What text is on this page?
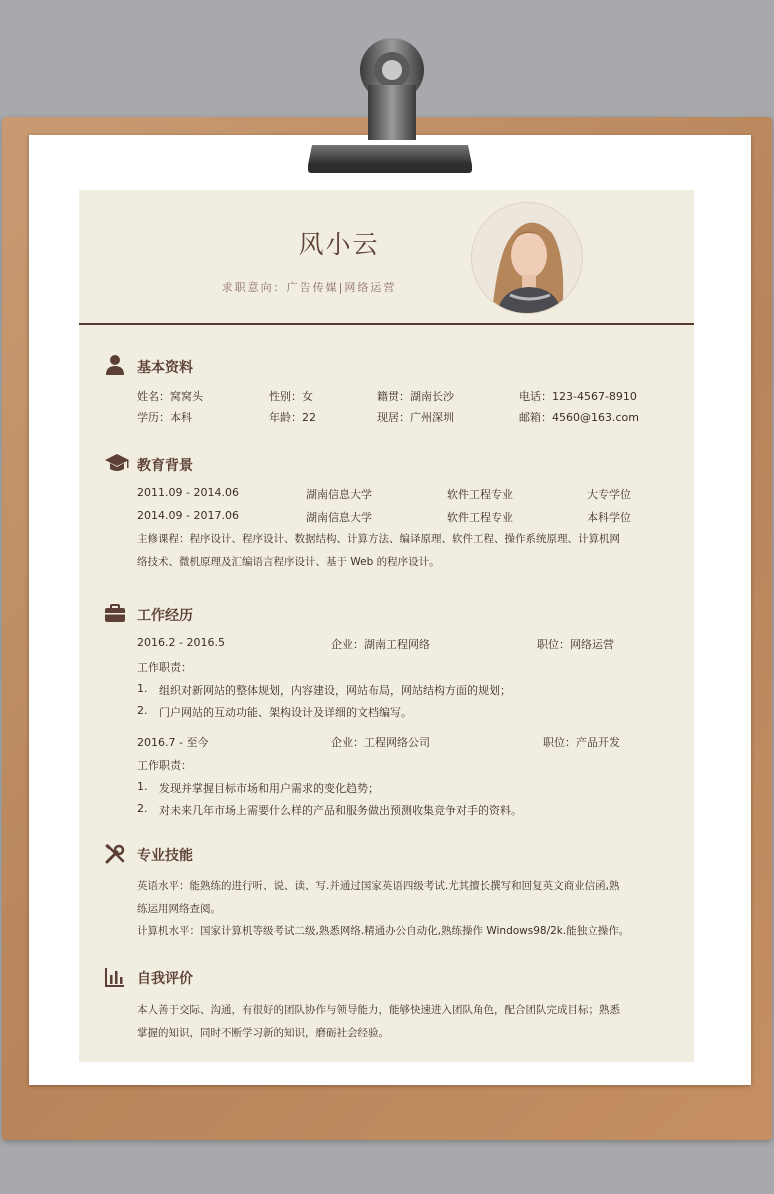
风小云
求职意向：广告传媒|网络运营
基本资料
姓名：窝窝头	性别：女	籍贯：湖南长沙	电话：123-4567-8910
学历：本科	年龄：22	现居：广州深圳	邮箱：4560@163.com
教育背景
2011.09 - 2014.06	湖南信息大学	软件工程专业	大专学位
2014.09 - 2017.06	湖南信息大学	软件工程专业	本科学位
主修课程：程序设计、程序设计、数据结构、计算方法、编译原理、软件工程、操作系统原理、计算机网
络技术、微机原理及汇编语言程序设计、基于 Web 的程序设计。
工作经历
2016.2 - 2016.5	企业：湖南工程网络	职位：网络运营
工作职责：
1. 组织对新网站的整体规划，内容建设，网站布局，网站结构方面的规划；
2. 门户网站的互动功能、架构设计及详细的文档编写。
2016.7 - 至今	企业：工程网络公司	职位：产品开发
工作职责：
1. 发现并掌握目标市场和用户需求的变化趋势；
2. 对未来几年市场上需要什么样的产品和服务做出预测收集竞争对手的资料。
专业技能
英语水平：能熟练的进行听、说、读、写.并通过国家英语四级考试.尤其擅长撰写和回复英文商业信函,熟
练运用网络查阅。
计算机水平：国家计算机等级考试二级,熟悉网络.精通办公自动化,熟练操作 Windows98/2k.能独立操作。
自我评价
本人善于交际、沟通，有很好的团队协作与领导能力，能够快速进入团队角色，配合团队完成目标；熟悉
掌握的知识，同时不断学习新的知识，磨砺社会经验。
